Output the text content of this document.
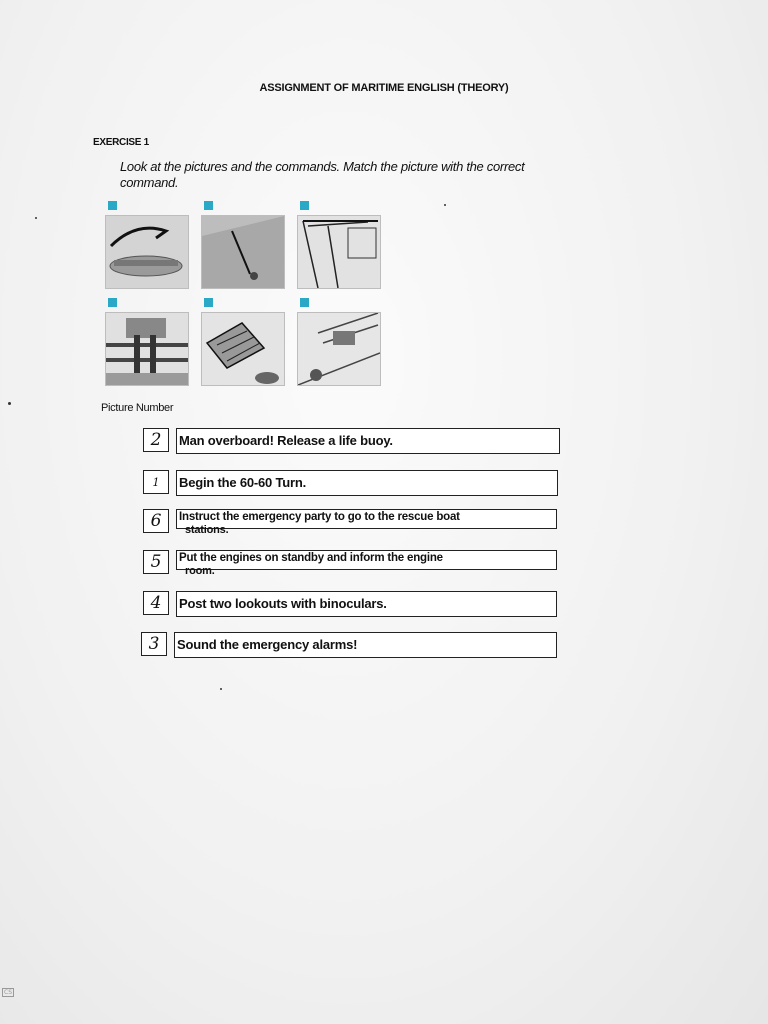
ASSIGNMENT OF MARITIME ENGLISH (THEORY)
EXERCISE 1
Look at the pictures and the commands. Match the picture with the correct
command.
Picture Number
2	Man overboard! Release a life buoy.
1	Begin the 60-60 Turn.
6	Instruct the emergency party to go to the rescue boat
stations.
5	Put the engines on standby and inform the engine
room.
4	Post two lookouts with binoculars.
3	Sound the emergency alarms!
CS
